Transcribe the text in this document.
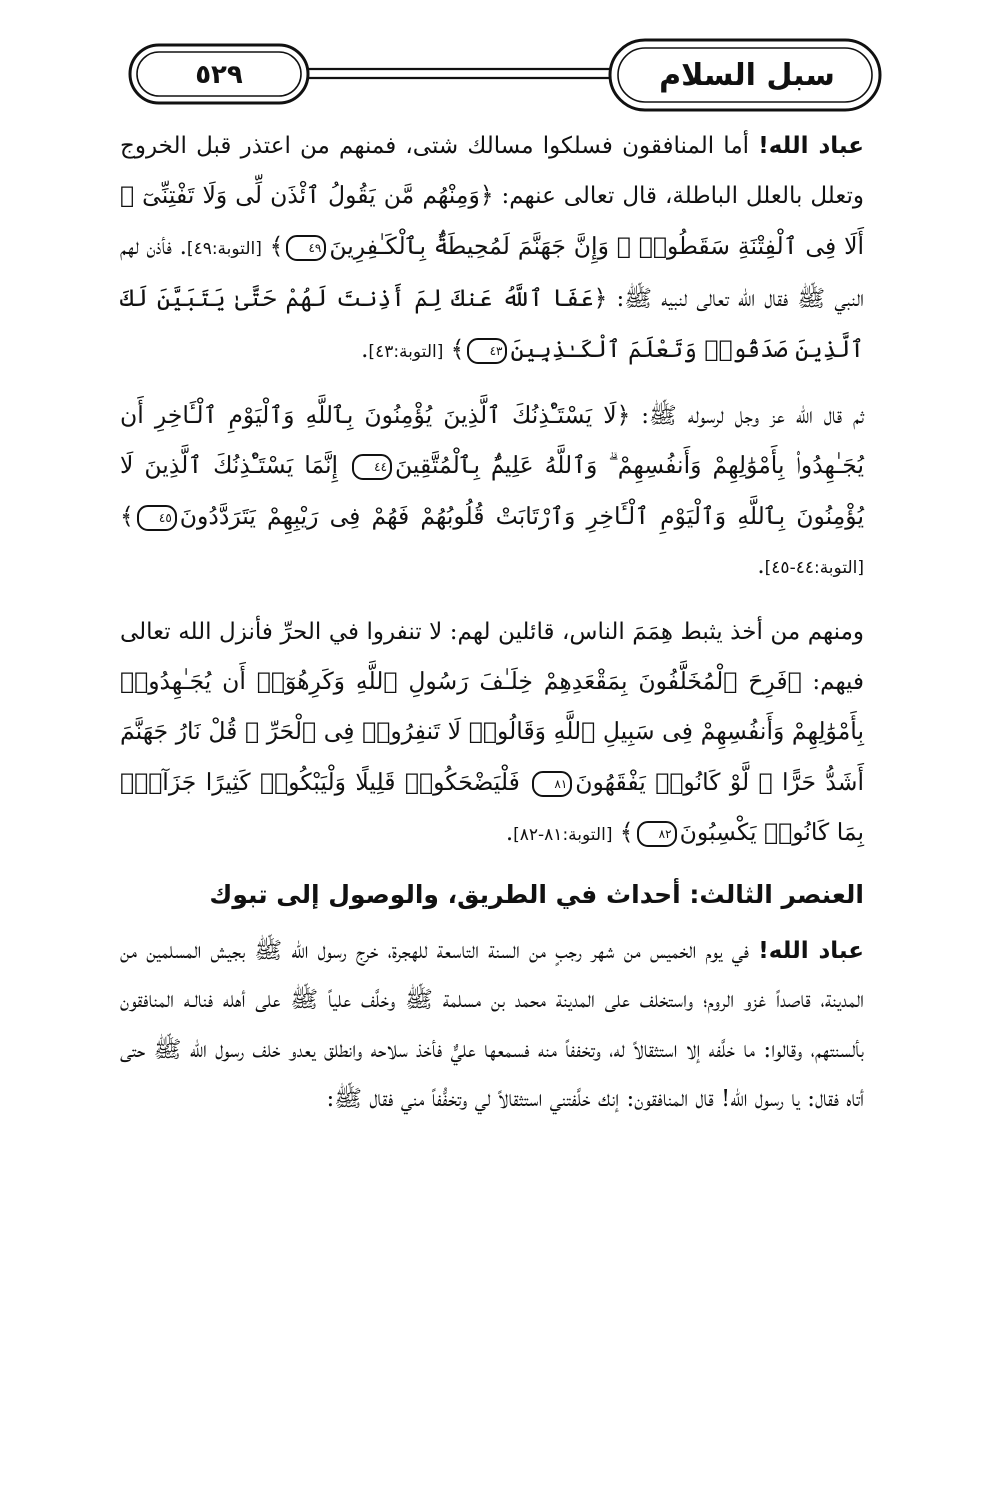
٥٢٩	سبل السلام

عباد الله! أما المنافقون فسلكوا مسالك شتى، فمنهم من اعتذر قبل الخروج وتعلل بالعلل الباطلة، قال تعالى عنهم: ﴿وَمِنْهُم مَّن يَقُولُ ٱئْذَن لِّى وَلَا تَفْتِنِّىٓ ۚ أَلَا فِى ٱلْفِتْنَةِ سَقَطُوا۟ ۗ وَإِنَّ جَهَنَّمَ لَمُحِيطَةٌۢ بِٱلْكَـٰفِرِينَ٤٩﴾ [التوبة:٤٩]. فأذن لهم النبي ﷺ فقال الله تعالى لنبيه ﷺ: ﴿عَفَا ٱللَّهُ عَنكَ لِمَ أَذِنتَ لَهُمْ حَتَّىٰ يَتَبَيَّنَ لَكَ ٱلَّذِينَ صَدَقُوا۟ وَتَعْلَمَ ٱلْكَـٰذِبِينَ٤٣﴾ [التوبة:٤٣].

ثم قال الله عز وجل لرسوله ﷺ: ﴿لَا يَسْتَـْٔذِنُكَ ٱلَّذِينَ يُؤْمِنُونَ بِٱللَّهِ وَٱلْيَوْمِ ٱلْـَٔاخِرِ أَن يُجَـٰهِدُوا۟ بِأَمْوَٰلِهِمْ وَأَنفُسِهِمْ ۗ وَٱللَّهُ عَلِيمٌۢ بِٱلْمُتَّقِينَ٤٤ إِنَّمَا يَسْتَـْٔذِنُكَ ٱلَّذِينَ لَا يُؤْمِنُونَ بِٱللَّهِ وَٱلْيَوْمِ ٱلْـَٔاخِرِ وَٱرْتَابَتْ قُلُوبُهُمْ فَهُمْ فِى رَيْبِهِمْ يَتَرَدَّدُونَ٤٥﴾ [التوبة:٤٤-٤٥].

ومنهم من أخذ يثبط هِمَمَ الناس، قائلين لهم: لا تنفروا في الحرِّ فأنزل الله تعالى فيهم: ﴿فَرِحَ ٱلْمُخَلَّفُونَ بِمَقْعَدِهِمْ خِلَـٰفَ رَسُولِ ٱللَّهِ وَكَرِهُوٓا۟ أَن يُجَـٰهِدُوا۟ بِأَمْوَٰلِهِمْ وَأَنفُسِهِمْ فِى سَبِيلِ ٱللَّهِ وَقَالُوا۟ لَا تَنفِرُوا۟ فِى ٱلْحَرِّ ۗ قُلْ نَارُ جَهَنَّمَ أَشَدُّ حَرًّا ۚ لَّوْ كَانُوا۟ يَفْقَهُونَ٨١ فَلْيَضْحَكُوا۟ قَلِيلًا وَلْيَبْكُوا۟ كَثِيرًا جَزَآءًۢ بِمَا كَانُوا۟ يَكْسِبُونَ٨٢﴾ [التوبة:٨١-٨٢].

العنصر الثالث: أحداث في الطريق، والوصول إلى تبوك

عباد الله! في يوم الخميس من شهر رجبٍ من السنة التاسعة للهجرة، خرج رسول الله ﷺ بجيش المسلمين من المدينة، قاصداً غزو الروم؛ واستخلف على المدينة محمد بن مسلمة ﷺ وخلَّف علياً ﷺ على أهله فنالـه المنافقون بألسنتهم، وقالوا: ما خلَّفه إلا استثقالاً له، وتخففاً منه فسمعها عليٌّ فأخذ سلاحه وانطلق يعدو خلف رسول الله ﷺ حتى أتاه فقال: يا رسول الله! قال المنافقون: إنك خلَّفتني استثقالاً لي وتخفُّفاً مني فقال ﷺ:
